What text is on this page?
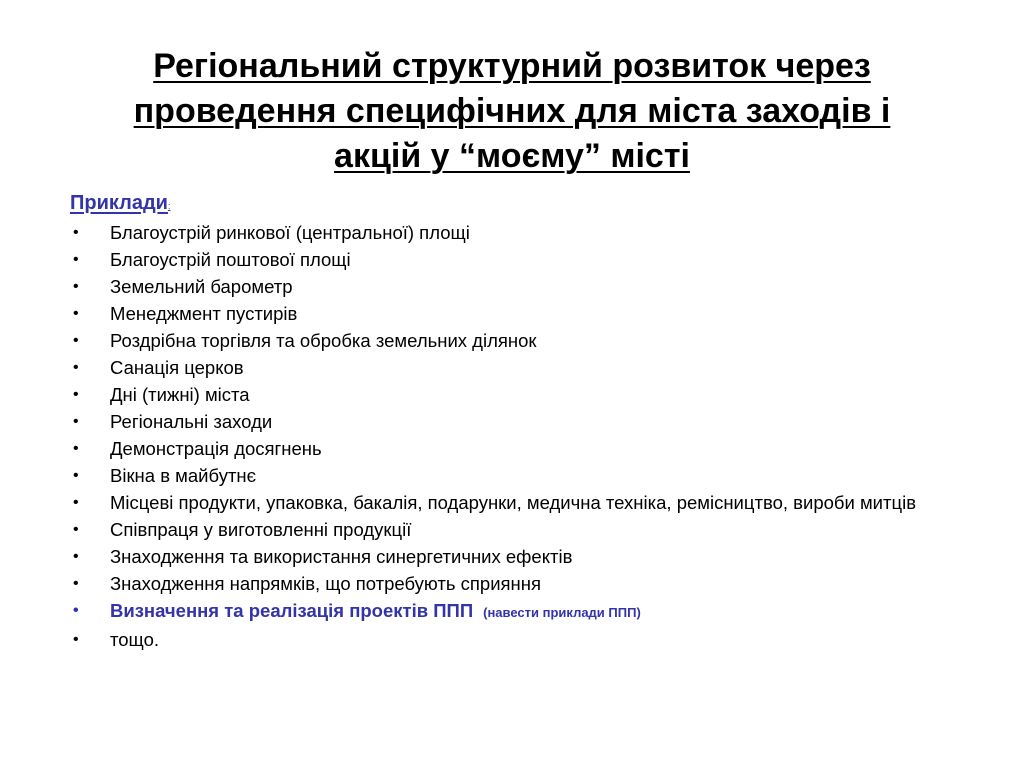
Регіональний структурний розвиток через
проведення специфічних для міста заходів і
акцій у “моєму” місті
Приклади:
• Благоустрій ринкової (центральної) площі
• Благоустрій поштової площі
• Земельний барометр
• Менеджмент пустирів
• Роздрібна торгівля та обробка земельних ділянок
• Санація церков
• Дні (тижні) міста
• Регіональні заходи
• Демонстрація досягнень
• Вікна в майбутнє
• Місцеві продукти, упаковка, бакалія, подарунки, медична техніка, ремісництво, вироби митців
• Співпраця у виготовленні продукції
• Знаходження та використання синергетичних ефектів
• Знаходження напрямків, що потребують сприяння
• Визначення та реалізація проектів ППП (навести приклади ППП)
• тощо.
